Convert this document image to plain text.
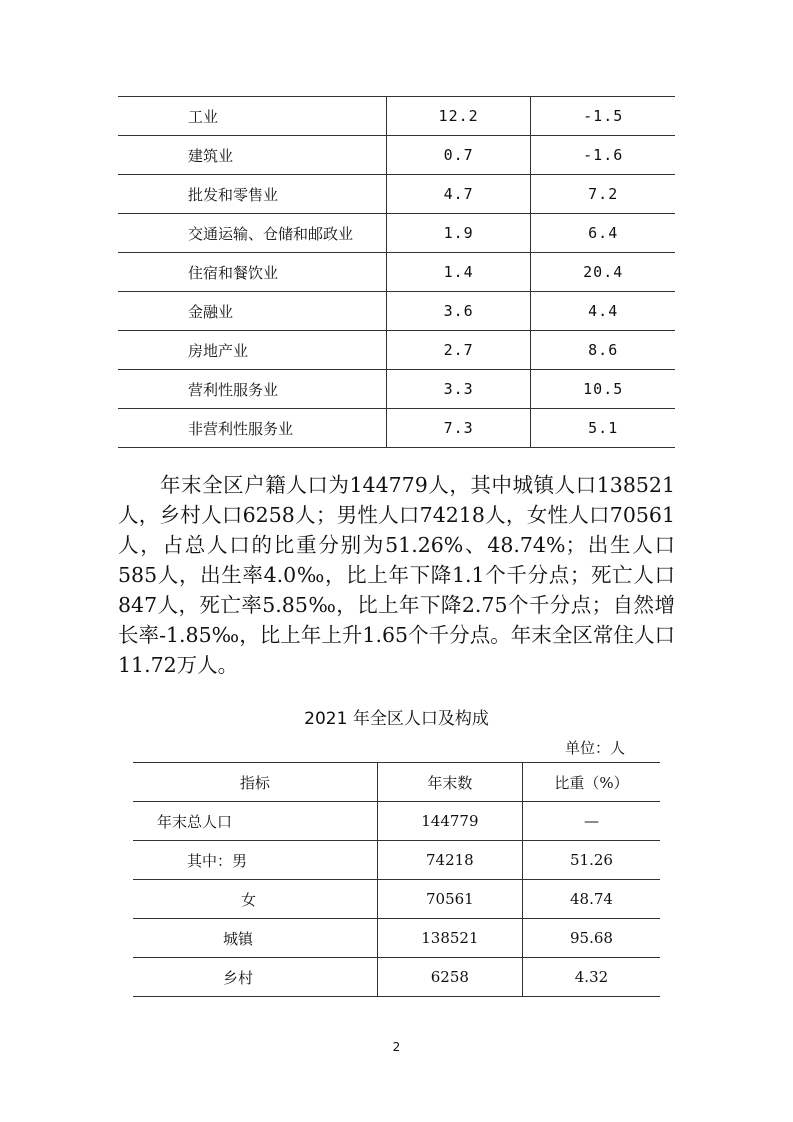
工业	12.2	-1.5
建筑业	0.7	-1.6
批发和零售业	4.7	7.2
交通运输、仓储和邮政业	1.9	6.4
住宿和餐饮业	1.4	20.4
金融业	3.6	4.4
房地产业	2.7	8.6
营利性服务业	3.3	10.5
非营利性服务业	7.3	5.1

年末全区户籍人口为144779人，其中城镇人口138521人，乡村人口6258人；男性人口74218人，女性人口70561人，占总人口的比重分别为51.26%、48.74%；出生人口585人，出生率4.0‰，比上年下降1.1个千分点；死亡人口847人，死亡率5.85‰，比上年下降2.75个千分点；自然增长率-1.85‰，比上年上升1.65个千分点。年末全区常住人口11.72万人。

2021 年全区人口及构成

单位：人

指标	年末数	比重（%）
年末总人口	144779	—
其中：男	74218	51.26
女	70561	48.74
城镇	138521	95.68
乡村	6258	4.32
2
